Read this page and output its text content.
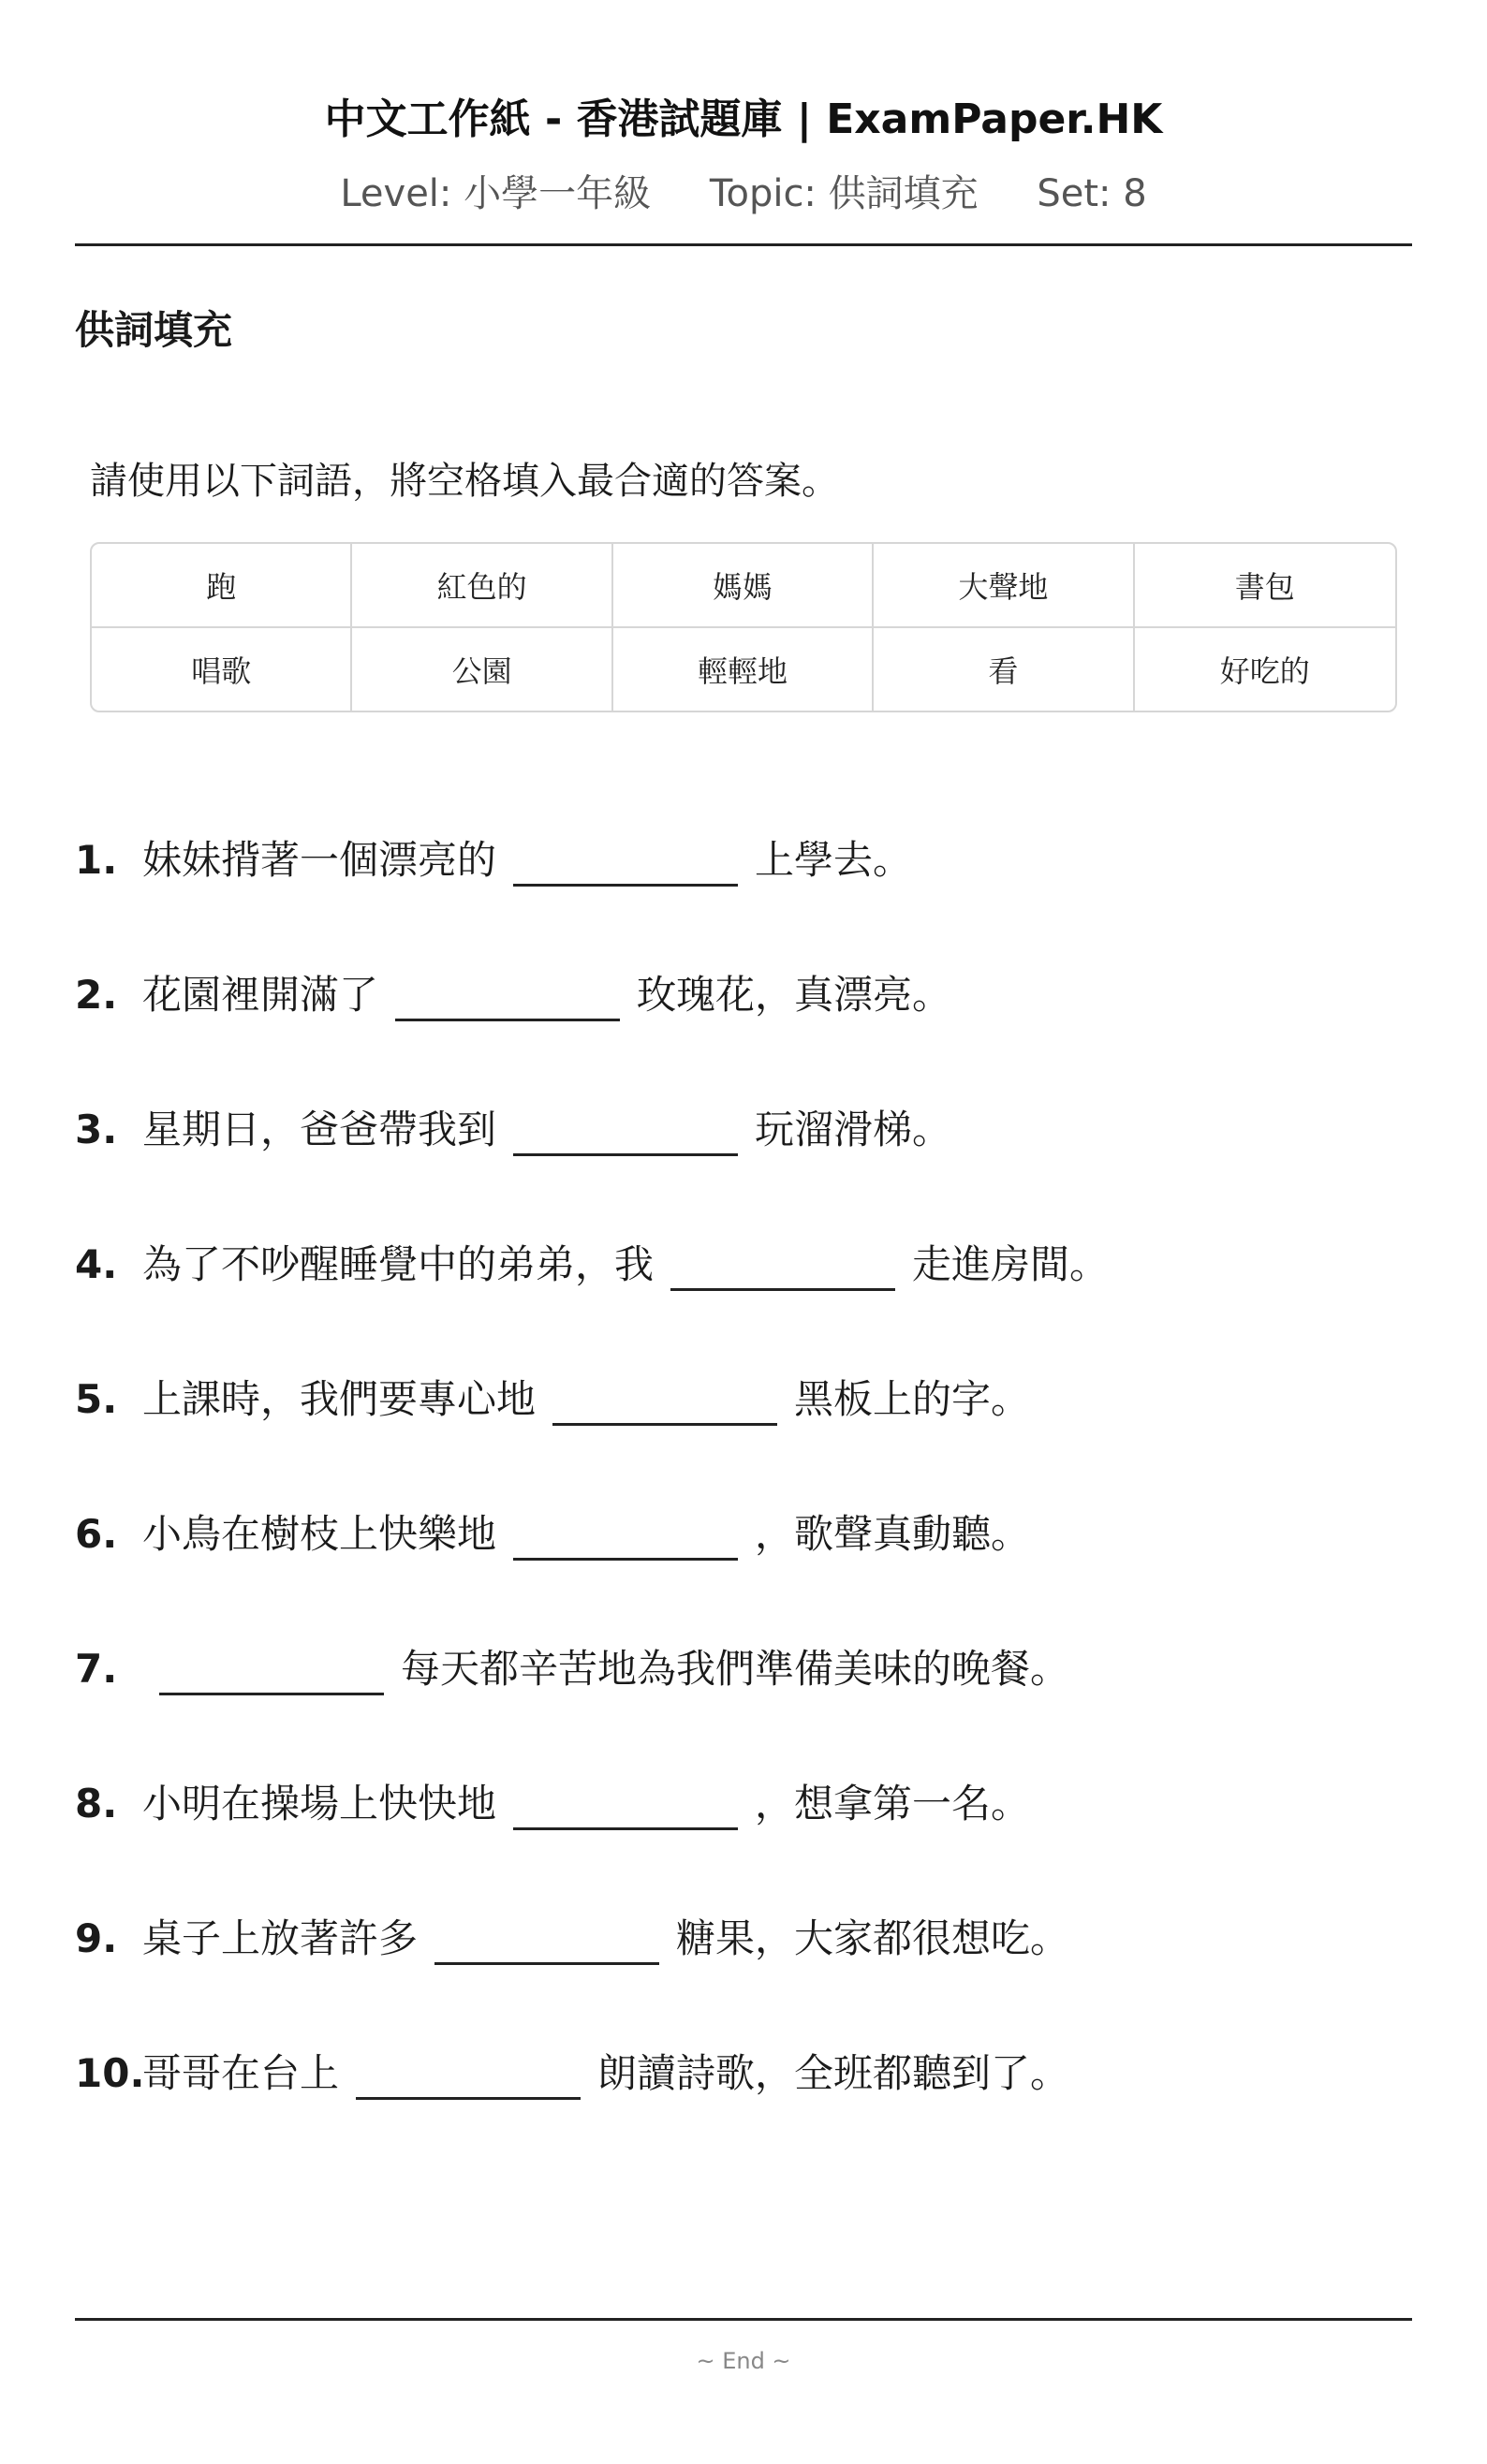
中文工作紙 - 香港試題庫 | ExamPaper.HK
Level: 小學一年級 Topic: 供詞填充 Set: 8
供詞填充
請使用以下詞語，將空格填入最合適的答案。
跑	紅色的	媽媽	大聲地	書包
唱歌	公園	輕輕地	看	好吃的
1. 妹妹揹著一個漂亮的	上學去。
2. 花園裡開滿了	玫瑰花，真漂亮。
3. 星期日，爸爸帶我到	玩溜滑梯。
4. 為了不吵醒睡覺中的弟弟，我	走進房間。
5. 上課時，我們要專心地	黑板上的字。
6. 小鳥在樹枝上快樂地	，歌聲真動聽。
7.	每天都辛苦地為我們準備美味的晚餐。
8. 小明在操場上快快地	，想拿第一名。
9. 桌子上放著許多	糖果，大家都很想吃。
10.
哥哥在台上	朗讀詩歌，全班都聽到了。
~ End ~
